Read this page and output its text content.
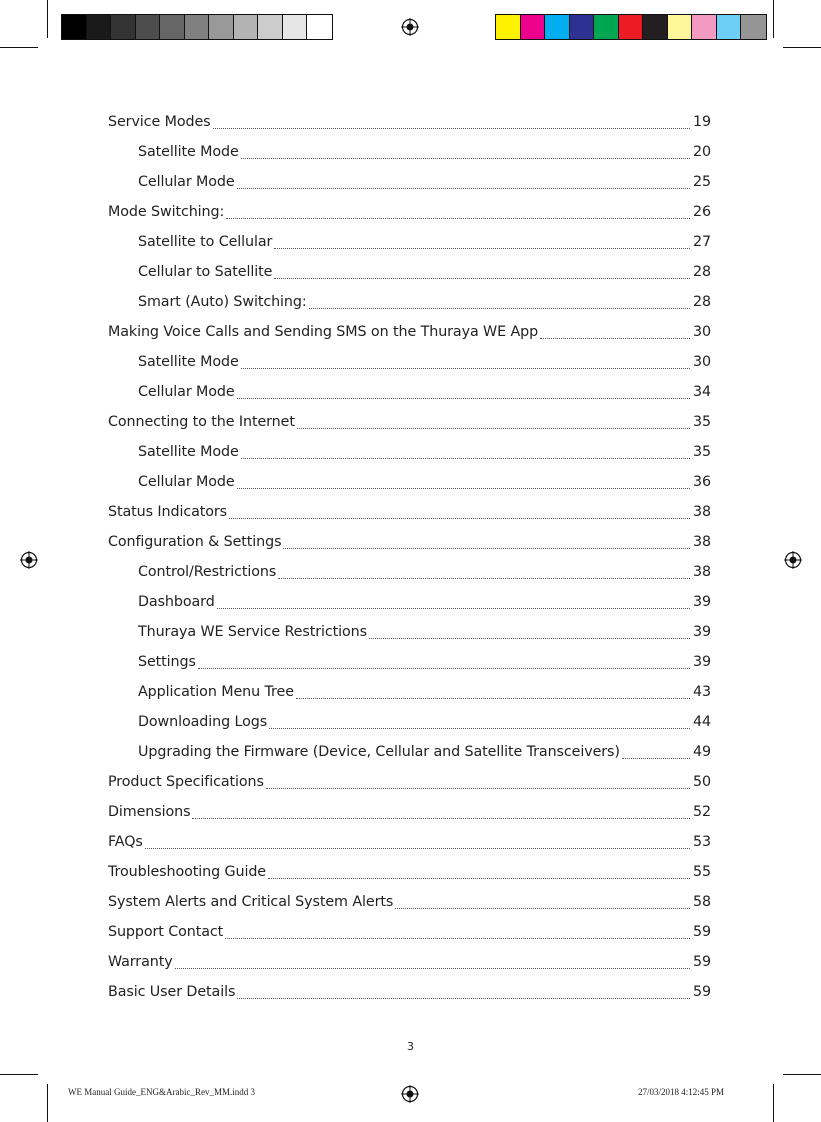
Service Modes	19
Satellite Mode	20
Cellular Mode	25
Mode Switching:	26
Satellite to Cellular	27
Cellular to Satellite	28
Smart (Auto) Switching:	28
Making Voice Calls and Sending SMS on the Thuraya WE App	30
Satellite Mode	30
Cellular Mode	34
Connecting to the Internet	35
Satellite Mode	35
Cellular Mode	36
Status Indicators	38
Configuration & Settings	38
Control/Restrictions	38
Dashboard	39
Thuraya WE Service Restrictions	39
Settings	39
Application Menu Tree	43
Downloading Logs	44
Upgrading the Firmware (Device, Cellular and Satellite Transceivers)	49
Product Specifications	50
Dimensions	52
FAQs	53
Troubleshooting Guide	55
System Alerts and Critical System Alerts	58
Support Contact	59
Warranty	59
Basic User Details	59
3
WE Manual Guide_ENG&Arabic_Rev_MM.indd 3	27/03/2018 4:12:45 PM
